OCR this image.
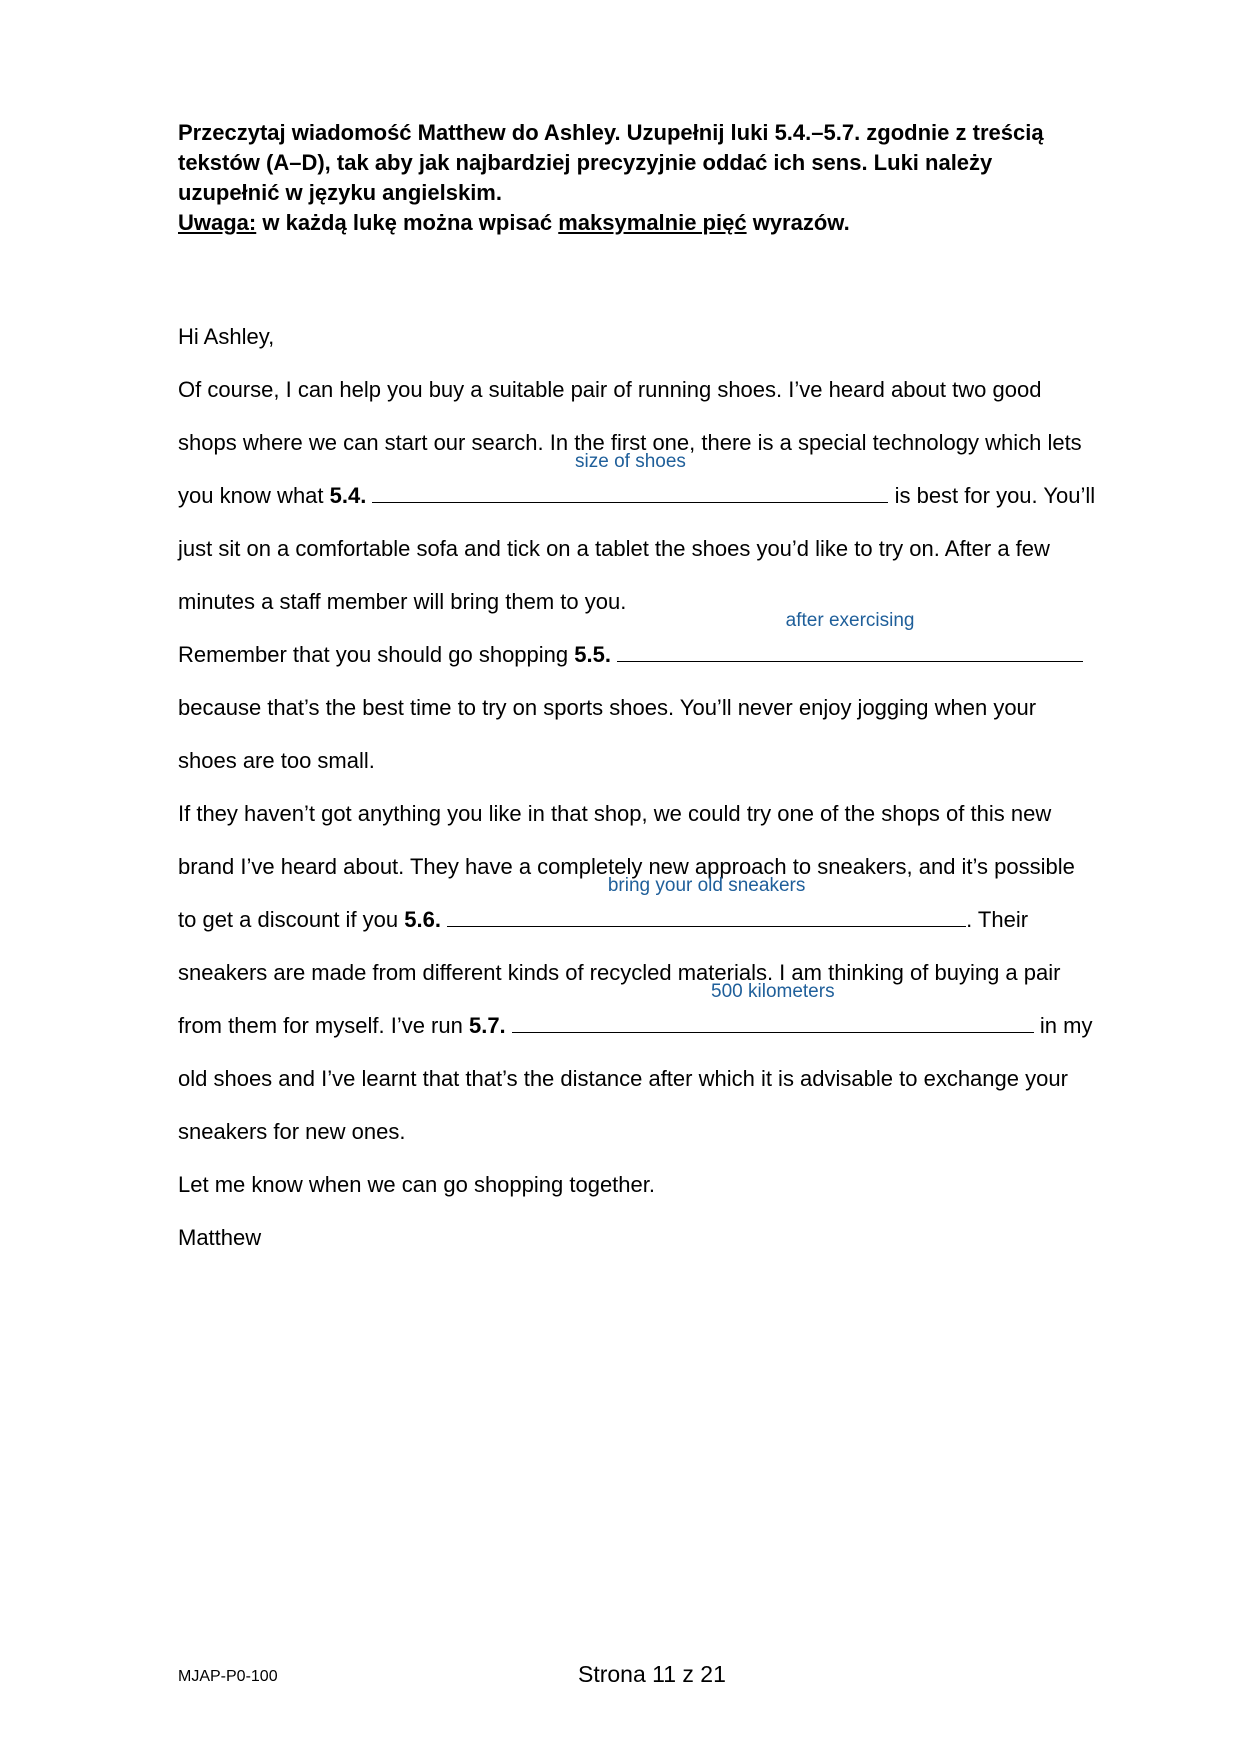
Przeczytaj wiadomość Matthew do Ashley. Uzupełnij luki 5.4.–5.7. zgodnie z treścią
tekstów (A–D), tak aby jak najbardziej precyzyjnie oddać ich sens. Luki należy
uzupełnić w języku angielskim.
Uwaga: w każdą lukę można wpisać maksymalnie pięć wyrazów.
Hi Ashley,
Of course, I can help you buy a suitable pair of running shoes. I’ve heard about two good
shops where we can start our search. In the first one, there is a special technology which lets
you know what 5.4.
size of shoes
is best for you. You’ll
just sit on a comfortable sofa and tick on a tablet the shoes you’d like to try on. After a few
minutes a staff member will bring them to you.
Remember that you should go shopping 5.5.
after exercising
because that’s the best time to try on sports shoes. You’ll never enjoy jogging when your
shoes are too small.
If they haven’t got anything you like in that shop, we could try one of the shops of this new
brand I’ve heard about. They have a completely new approach to sneakers, and it’s possible
to get a discount if you 5.6.
bring your old sneakers
. Their
sneakers are made from different kinds of recycled materials. I am thinking of buying a pair
from them for myself. I’ve run 5.7.
500 kilometers
in my
old shoes and I’ve learnt that that’s the distance after which it is advisable to exchange your
sneakers for new ones.
Let me know when we can go shopping together.
Matthew
MJAP-P0-100	Strona 11 z 21
